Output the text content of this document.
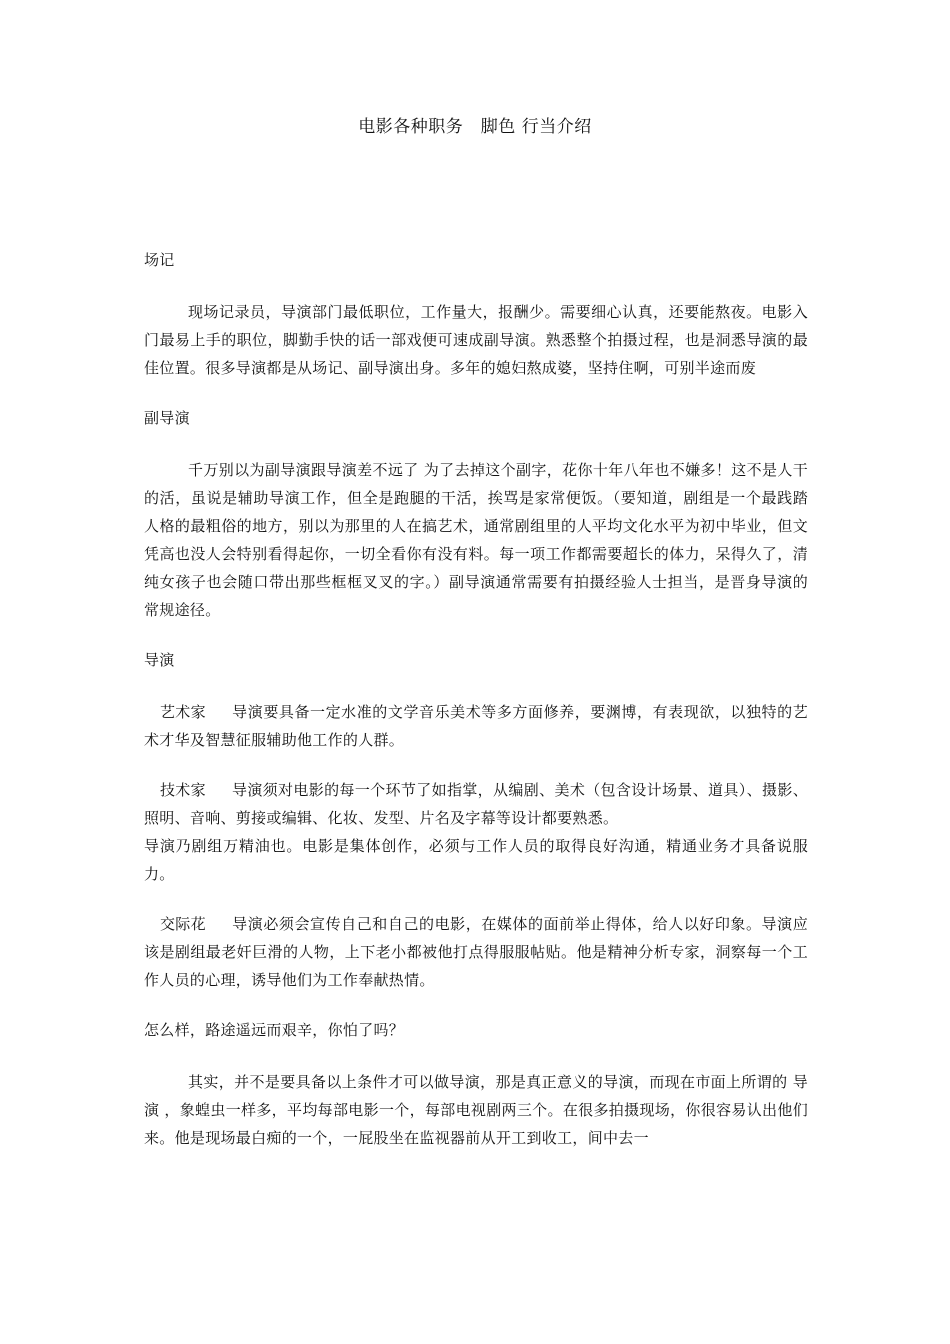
电影各种职务　脚色 行当介绍

场记

现场记录员，导演部门最低职位，工作量大，报酬少。需要细心认真，还要能熬夜。电影入门最易上手的职位，脚勤手快的话一部戏便可速成副导演。熟悉整个拍摄过程，也是洞悉导演的最佳位置。很多导演都是从场记、副导演出身。多年的媳妇熬成婆，坚持住啊，可别半途而废

副导演

千万别以为副导演跟导演差不远了 为了去掉这个副字，花你十年八年也不嫌多！这不是人干的活，虽说是辅助导演工作，但全是跑腿的干活，挨骂是家常便饭。（要知道，剧组是一个最践踏人格的最粗俗的地方，别以为那里的人在搞艺术，通常剧组里的人平均文化水平为初中毕业，但文凭高也没人会特别看得起你，一切全看你有没有料。每一项工作都需要超长的体力，呆得久了，清纯女孩子也会随口带出那些框框叉叉的字。）副导演通常需要有拍摄经验人士担当，是晋身导演的常规途径。

导演

艺术家 导演要具备一定水准的文学音乐美术等多方面修养，要渊博，有表现欲，以独特的艺术才华及智慧征服辅助他工作的人群。

技术家 导演须对电影的每一个环节了如指掌，从编剧、美术（包含设计场景、道具）、摄影、照明、音响、剪接或编辑、化妆、发型、片名及字幕等设计都要熟悉。

导演乃剧组万精油也。电影是集体创作，必须与工作人员的取得良好沟通，精通业务才具备说服力。

交际花 导演必须会宣传自己和自己的电影，在媒体的面前举止得体，给人以好印象。导演应该是剧组最老奸巨滑的人物，上下老小都被他打点得服服帖贴。他是精神分析专家，洞察每一个工作人员的心理，诱导他们为工作奉献热情。

怎么样，路途遥远而艰辛，你怕了吗？

其实，并不是要具备以上条件才可以做导演，那是真正意义的导演，而现在市面上所谓的 导演 ，象蝗虫一样多，平均每部电影一个，每部电视剧两三个。在很多拍摄现场，你很容易认出他们来。他是现场最白痴的一个，一屁股坐在监视器前从开工到收工，间中去一
